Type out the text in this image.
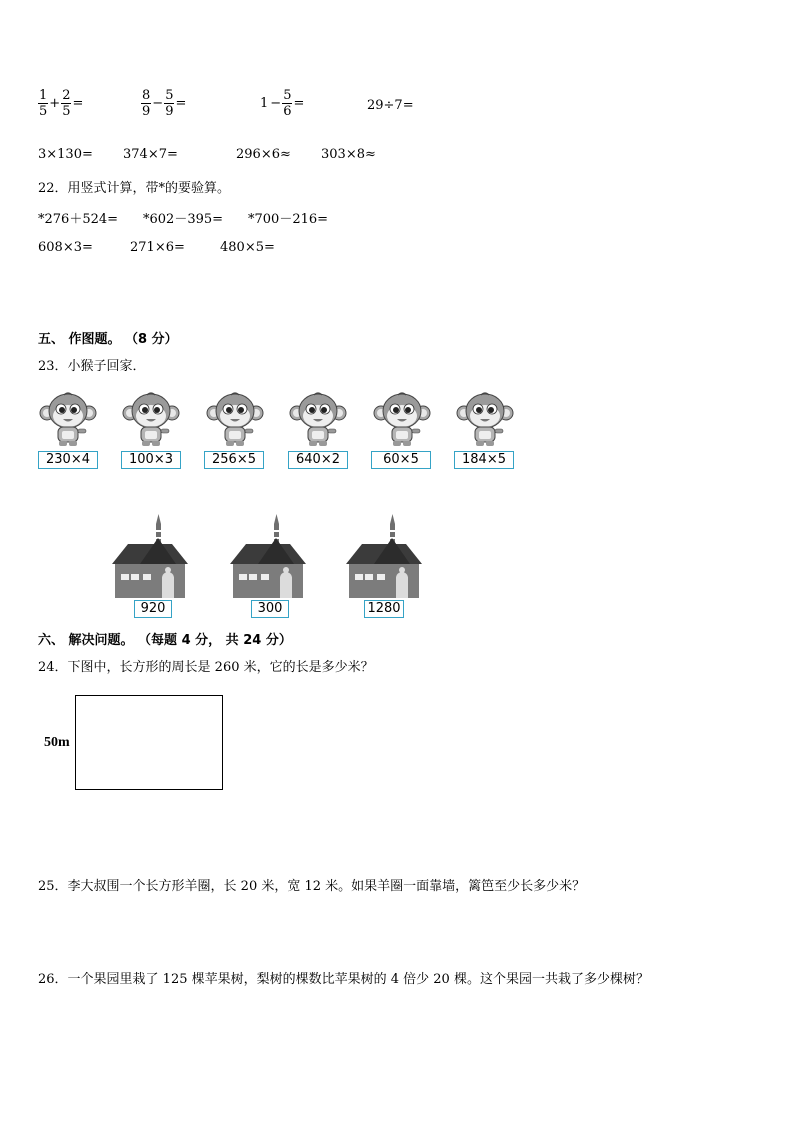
$\frac{1}{5} + \frac{2}{5}$ =	$\frac{8}{9} - \frac{5}{9}$ =	$1 - \frac{5}{6}$ =	29÷7=
3×130= 374×7=	296×6≈ 303×8≈
22．用竖式计算，带*的要验算。
*276＋524= *602－395= *700－216=
608×3=	271×6=	480×5=
五、 作图题。 （8 分）
23．小猴子回家．
230×4	100×3	256×5	640×2	60×5	184×5
920	300	1280
六、 解决问题。 （每题 4 分， 共 24 分）
24．下图中，长方形的周长是 260 米，它的长是多少米？
50m
25．李大叔围一个长方形羊圈，长 20 米，宽 12 米。如果羊圈一面靠墙，篱笆至少长多少米？
26．一个果园里栽了 125 棵苹果树，梨树的棵数比苹果树的 4 倍少 20 棵。这个果园一共栽了多少棵树？
